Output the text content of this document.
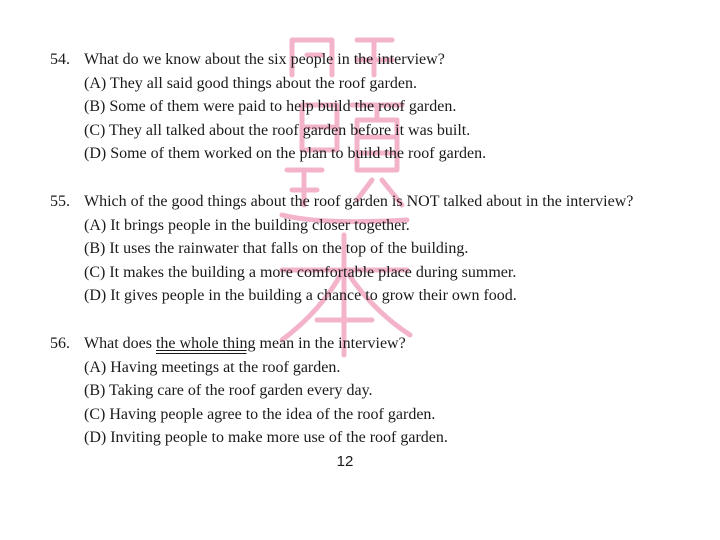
54. What do we know about the six people in the interview?
(A) They all said good things about the roof garden.
(B) Some of them were paid to help build the roof garden.
(C) They all talked about the roof garden before it was built.
(D) Some of them worked on the plan to build the roof garden.
55. Which of the good things about the roof garden is NOT talked about in the interview?
(A) It brings people in the building closer together.
(B) It uses the rainwater that falls on the top of the building.
(C) It makes the building a more comfortable place during summer.
(D) It gives people in the building a chance to grow their own food.
56. What does the whole thing mean in the interview?
(A) Having meetings at the roof garden.
(B) Taking care of the roof garden every day.
(C) Having people agree to the idea of the roof garden.
(D) Inviting people to make more use of the roof garden.
12
